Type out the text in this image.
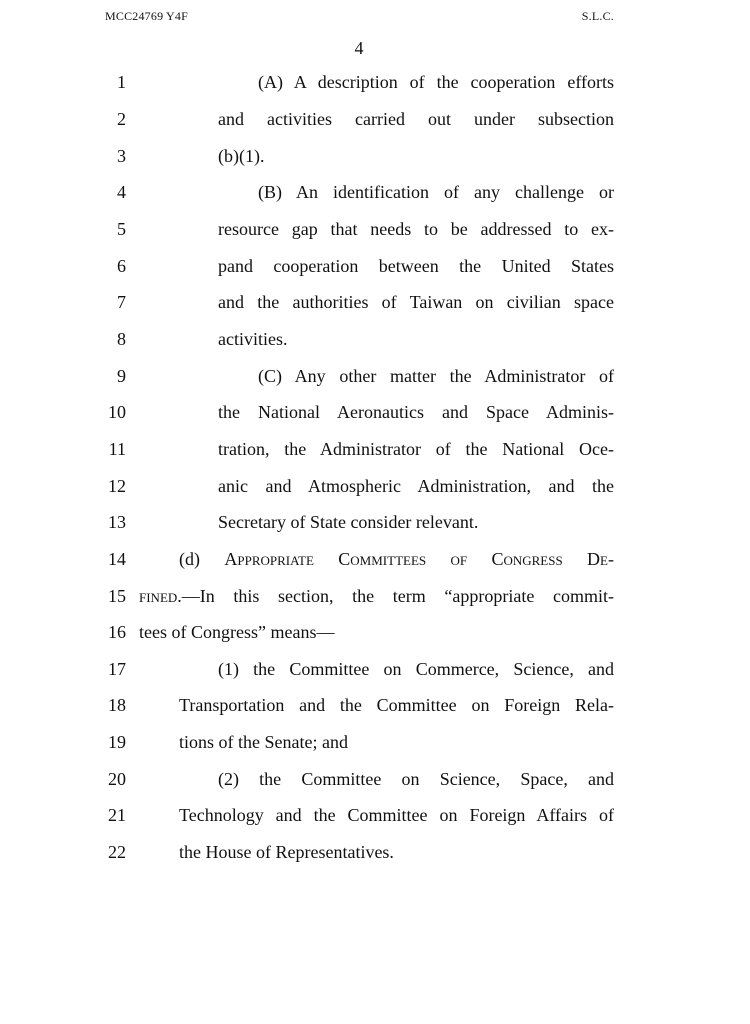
MCC24769 Y4F	S.L.C.
4
1	(A) A description of the cooperation efforts
2	and activities carried out under subsection
3	(b)(1).
4	(B) An identification of any challenge or
5	resource gap that needs to be addressed to ex-
6	pand cooperation between the United States
7	and the authorities of Taiwan on civilian space
8	activities.
9	(C) Any other matter the Administrator of
10	the National Aeronautics and Space Adminis-
11	tration, the Administrator of the National Oce-
12	anic and Atmospheric Administration, and the
13	Secretary of State consider relevant.
14	(d) Appropriate Committees of Congress De-
15 fined.—In this section, the term “appropriate commit-
16 tees of Congress” means—
17	(1) the Committee on Commerce, Science, and
18	Transportation and the Committee on Foreign Rela-
19	tions of the Senate; and
20	(2) the Committee on Science, Space, and
21	Technology and the Committee on Foreign Affairs of
22	the House of Representatives.
